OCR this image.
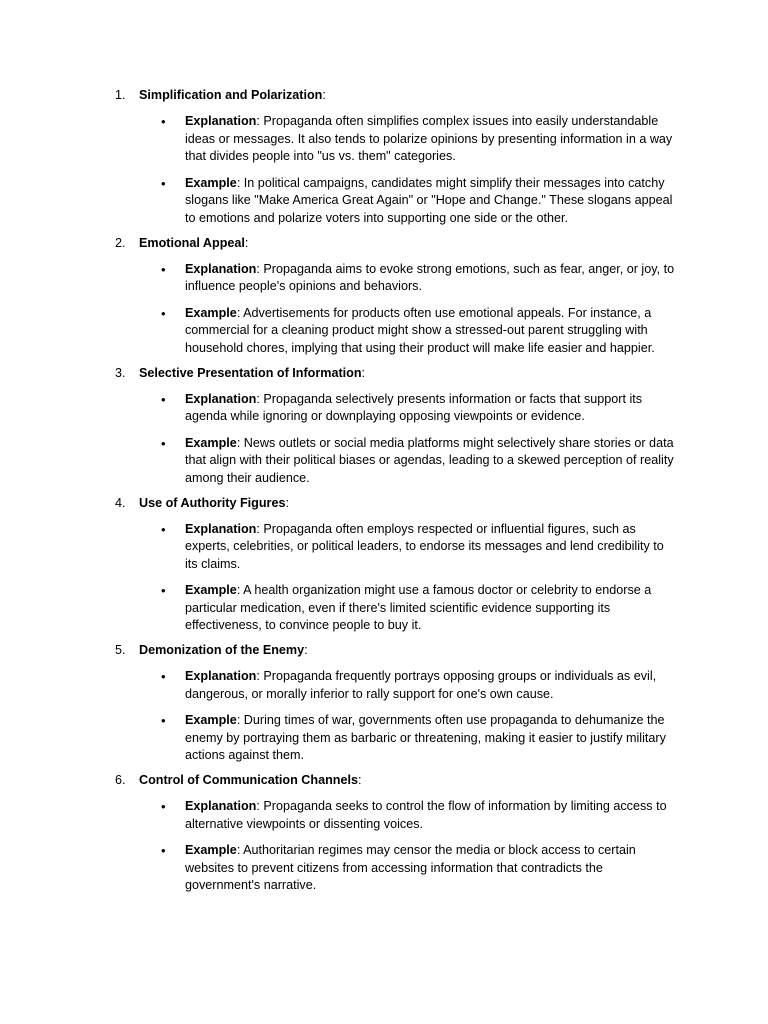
1. Simplification and Polarization:
• Explanation: Propaganda often simplifies complex issues into easily understandable ideas or messages. It also tends to polarize opinions by presenting information in a way that divides people into "us vs. them" categories.
• Example: In political campaigns, candidates might simplify their messages into catchy slogans like "Make America Great Again" or "Hope and Change." These slogans appeal to emotions and polarize voters into supporting one side or the other.
2. Emotional Appeal:
• Explanation: Propaganda aims to evoke strong emotions, such as fear, anger, or joy, to influence people's opinions and behaviors.
• Example: Advertisements for products often use emotional appeals. For instance, a commercial for a cleaning product might show a stressed-out parent struggling with household chores, implying that using their product will make life easier and happier.
3. Selective Presentation of Information:
• Explanation: Propaganda selectively presents information or facts that support its agenda while ignoring or downplaying opposing viewpoints or evidence.
• Example: News outlets or social media platforms might selectively share stories or data that align with their political biases or agendas, leading to a skewed perception of reality among their audience.
4. Use of Authority Figures:
• Explanation: Propaganda often employs respected or influential figures, such as experts, celebrities, or political leaders, to endorse its messages and lend credibility to its claims.
• Example: A health organization might use a famous doctor or celebrity to endorse a particular medication, even if there's limited scientific evidence supporting its effectiveness, to convince people to buy it.
5. Demonization of the Enemy:
• Explanation: Propaganda frequently portrays opposing groups or individuals as evil, dangerous, or morally inferior to rally support for one's own cause.
• Example: During times of war, governments often use propaganda to dehumanize the enemy by portraying them as barbaric or threatening, making it easier to justify military actions against them.
6. Control of Communication Channels:
• Explanation: Propaganda seeks to control the flow of information by limiting access to alternative viewpoints or dissenting voices.
• Example: Authoritarian regimes may censor the media or block access to certain websites to prevent citizens from accessing information that contradicts the government's narrative.
